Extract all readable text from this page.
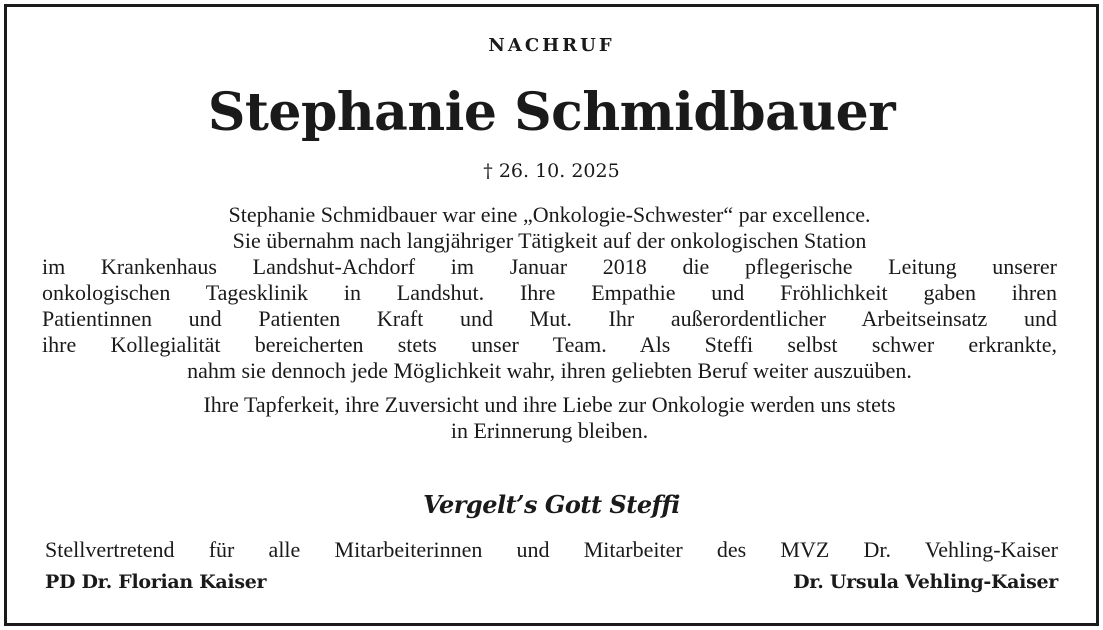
NACHRUF
Stephanie Schmidbauer
† 26. 10. 2025

Stephanie Schmidbauer war eine „Onkologie-Schwester“ par excellence.
Sie übernahm nach langjähriger Tätigkeit auf der onkologischen Station

im Krankenhaus Landshut-Achdorf im Januar 2018 die pflegerische Leitung unserer
onkologischen Tagesklinik in Landshut. Ihre Empathie und Fröhlichkeit gaben ihren
Patientinnen und Patienten Kraft und Mut. Ihr außerordentlicher Arbeitseinsatz und
ihre Kollegialität bereicherten stets unser Team. Als Steffi selbst schwer erkrankte,
nahm sie dennoch jede Möglichkeit wahr, ihren geliebten Beruf weiter auszuüben.

Ihre Tapferkeit, ihre Zuversicht und ihre Liebe zur Onkologie werden uns stets
in Erinnerung bleiben.

Vergelt’s Gott Steffi
Stellvertretend für alle Mitarbeiterinnen und Mitarbeiter des MVZ Dr. Vehling-Kaiser
PD Dr. Florian Kaiser	Dr. Ursula Vehling-Kaiser
